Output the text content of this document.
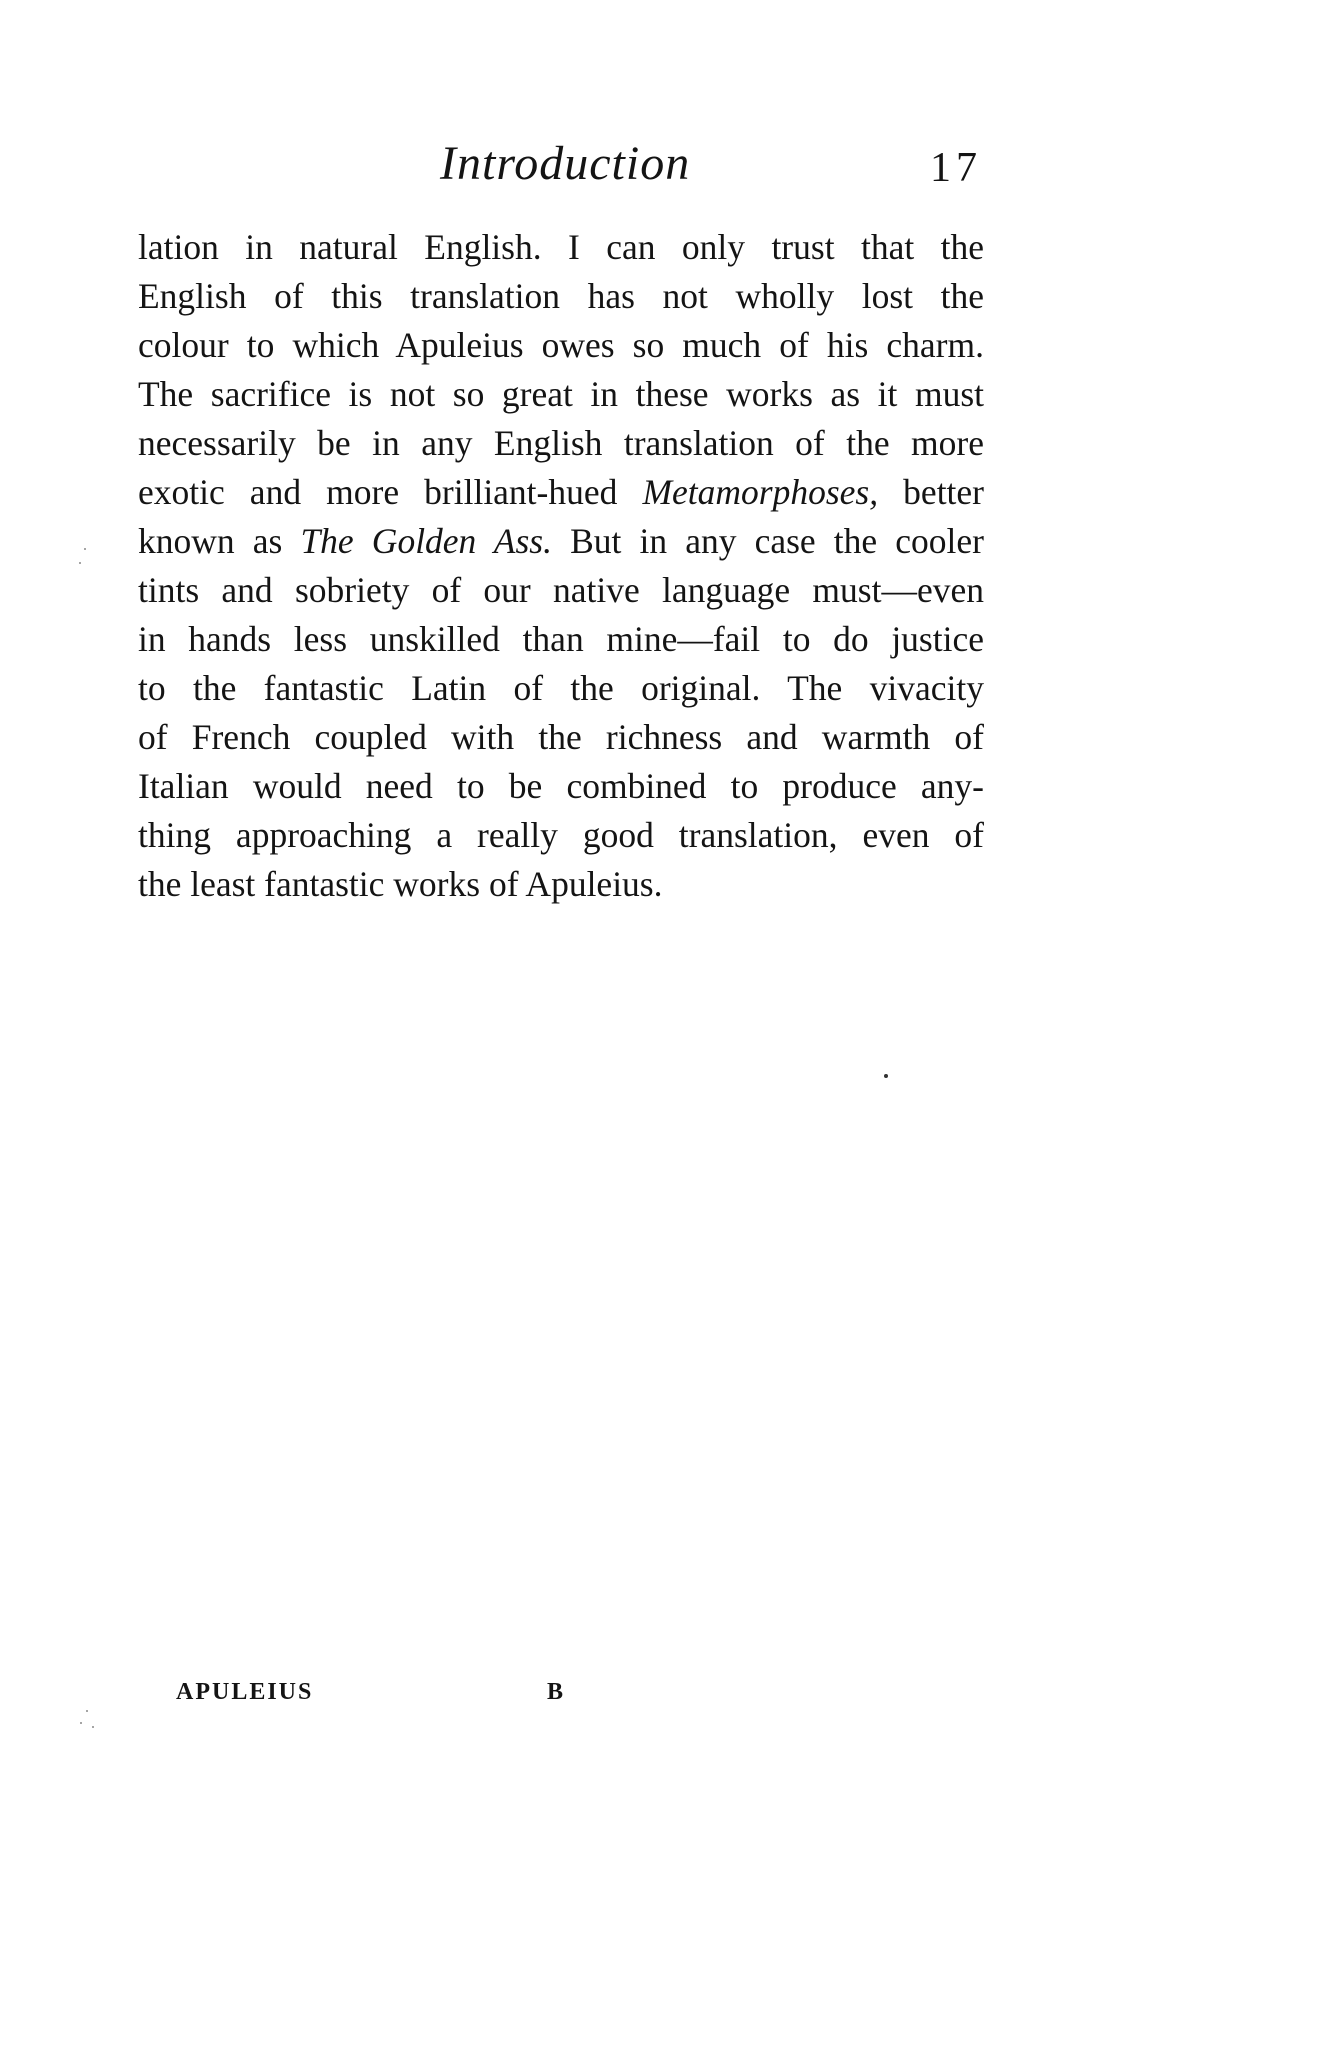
Introduction	17
lation in natural English. I can only trust that the
English of this translation has not wholly lost the
colour to which Apuleius owes so much of his charm.
The sacrifice is not so great in these works as it must
necessarily be in any English translation of the more
exotic and more brilliant-hued Metamorphoses, better
known as The Golden Ass. But in any case the cooler
tints and sobriety of our native language must—even
in hands less unskilled than mine—fail to do justice
to the fantastic Latin of the original. The vivacity
of French coupled with the richness and warmth of
Italian would need to be combined to produce any-
thing approaching a really good translation, even of
the least fantastic works of Apuleius.
APULEIUS	B
